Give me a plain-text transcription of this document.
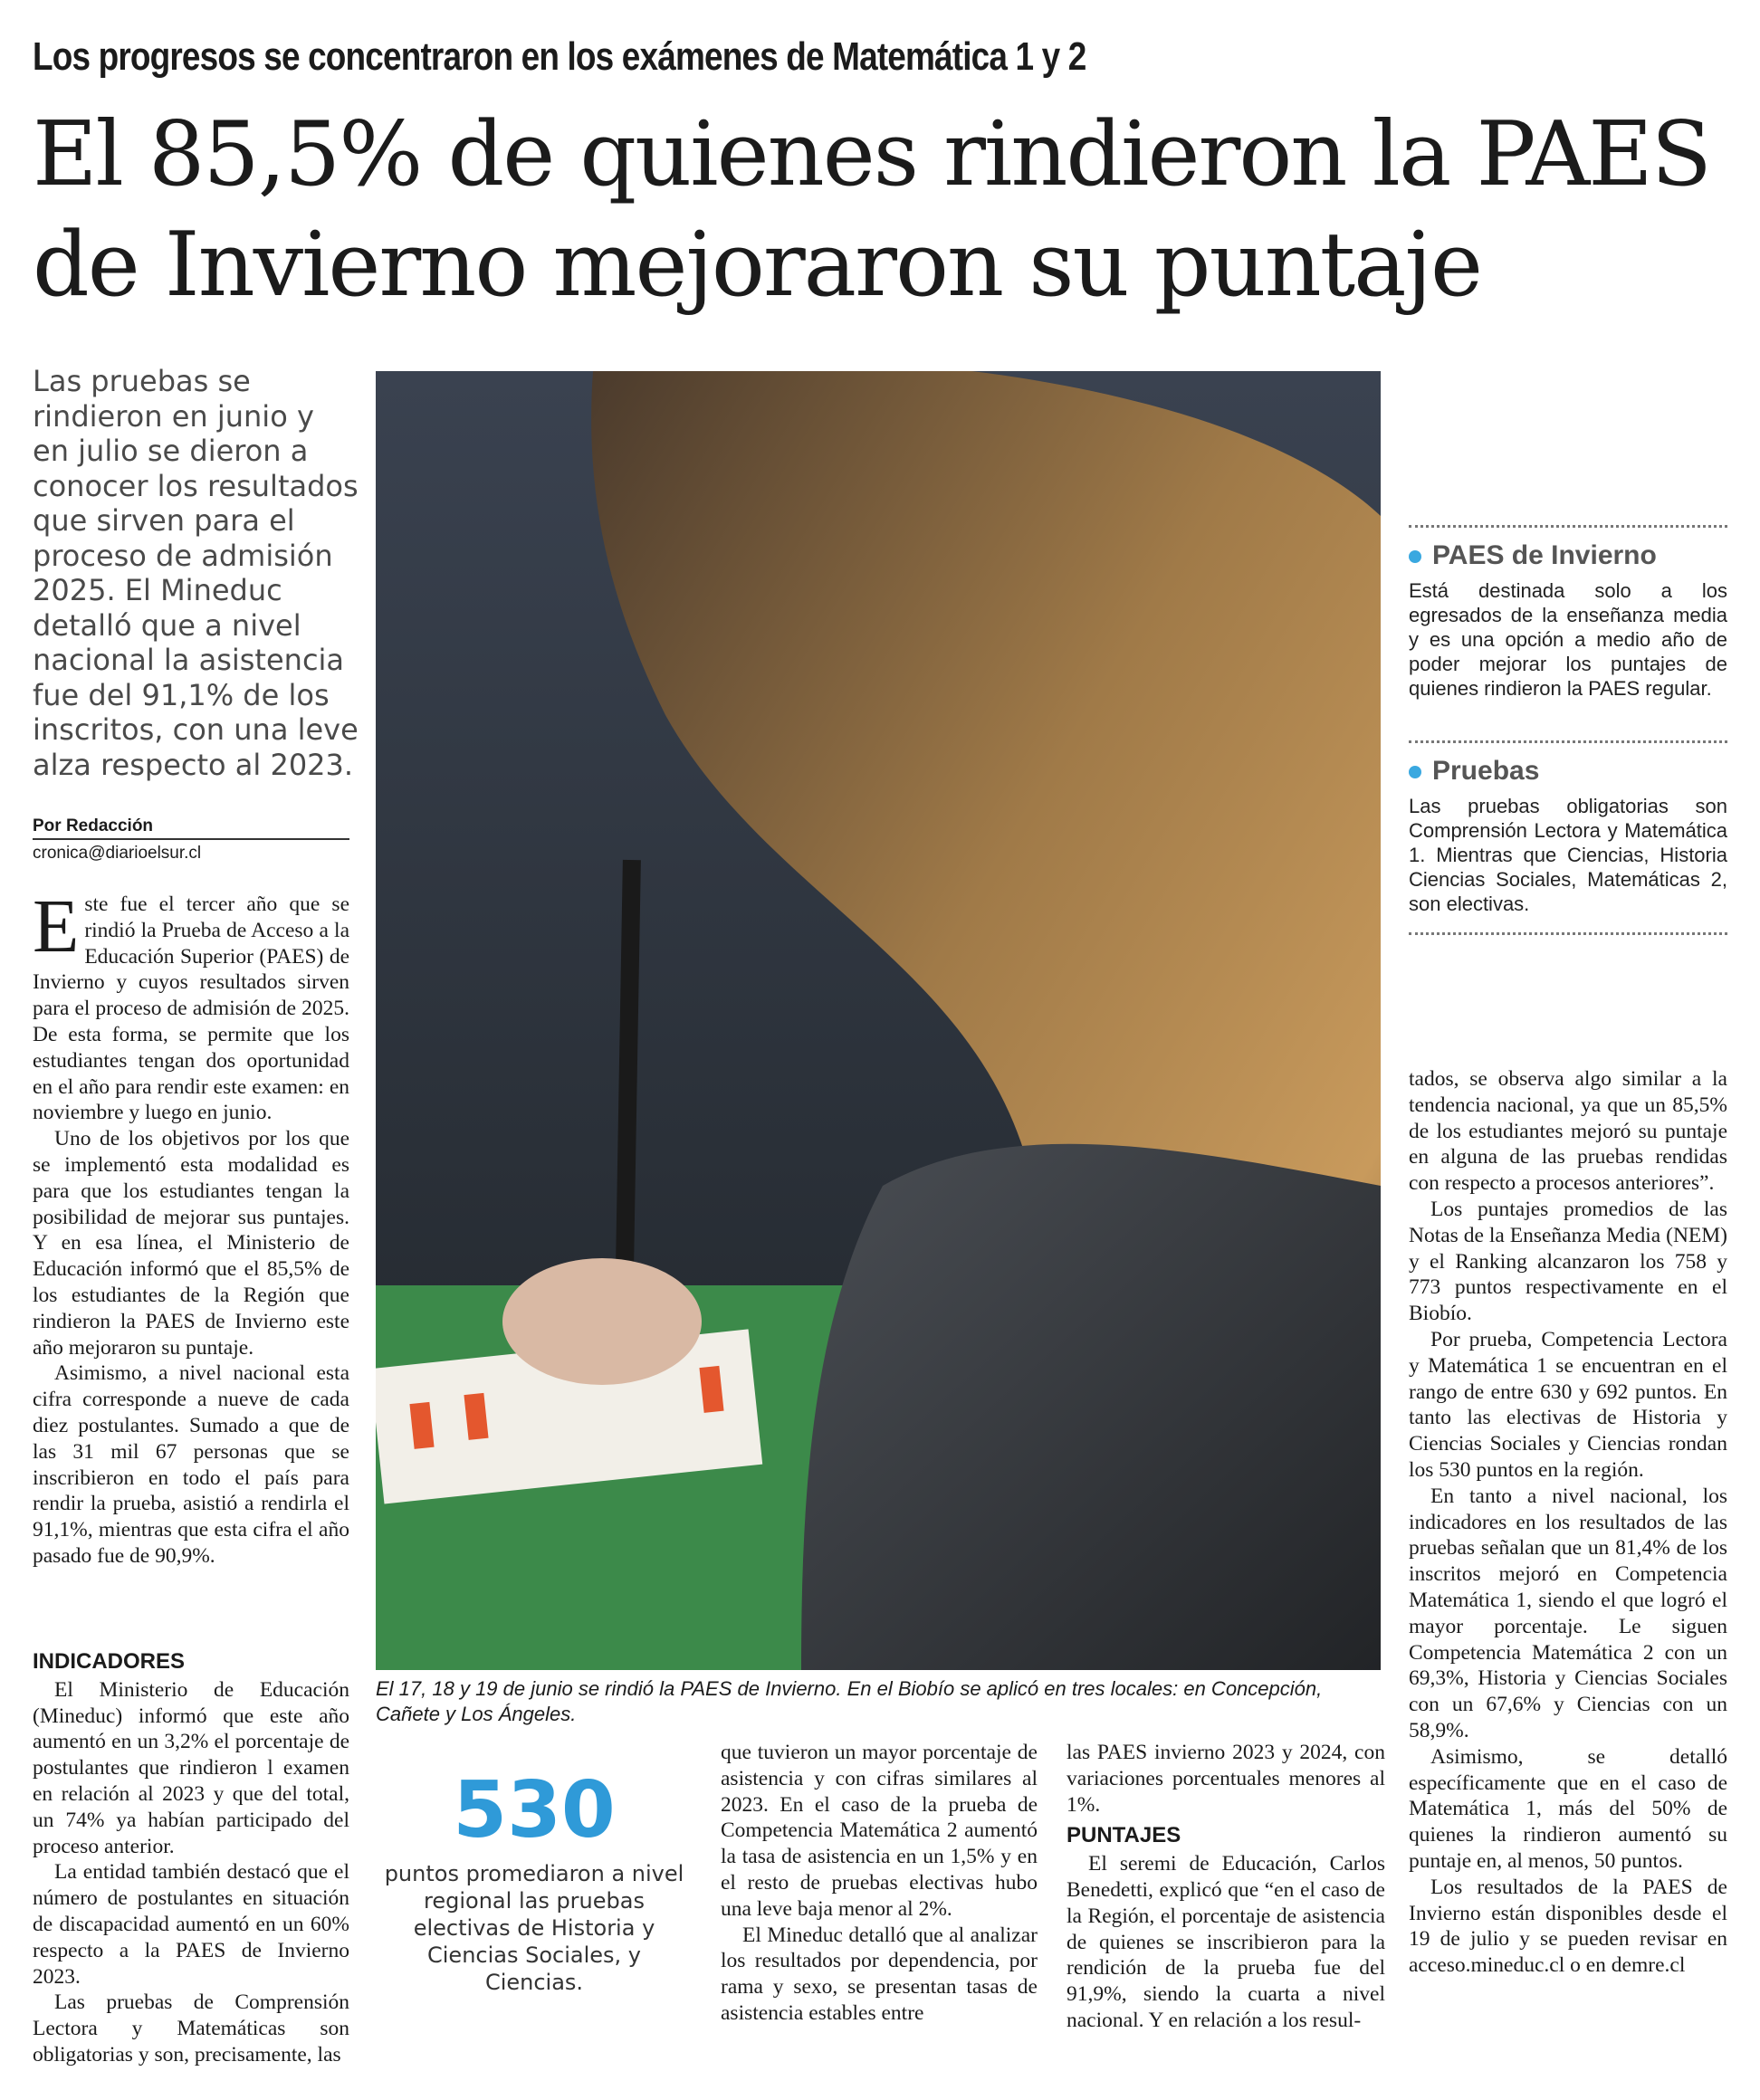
Los progresos se concentraron en los exámenes de Matemática 1 y 2
El 85,5% de quienes rindieron la PAES
de Invierno mejoraron su puntaje
Las pruebas se rindieron en junio y en julio se dieron a conocer los resultados que sirven para el proceso de admisión 2025. El Mineduc detalló que a nivel nacional la asistencia fue del 91,1% de los inscritos, con una leve alza respecto al 2023.
Por Redacción
cronica@diarioelsur.cl

Este fue el tercer año que se rindió la Prueba de Acceso a la Educación Superior (PAES) de Invierno y cuyos resultados sirven para el proceso de admisión de 2025. De esta forma, se permite que los estudiantes tengan dos oportunidad en el año para rendir este examen: en noviembre y luego en junio.

Uno de los objetivos por los que se implementó esta modalidad es para que los estudiantes tengan la posibilidad de mejorar sus puntajes. Y en esa línea, el Ministerio de Educación informó que el 85,5% de los estudiantes de la Región que rindieron la PAES de Invierno este año mejoraron su puntaje.

Asimismo, a nivel nacional esta cifra corresponde a nueve de cada diez postulantes. Sumado a que de las 31 mil 67 personas que se inscribieron en todo el país para rendir la prueba, asistió a rendirla el 91,1%, mientras que esta cifra el año pasado fue de 90,9%.

INDICADORES

El Ministerio de Educación (Mineduc) informó que este año aumentó en un 3,2% el porcentaje de postulantes que rindieron l examen en relación al 2023 y que del total, un 74% ya habían participado del proceso anterior.

La entidad también destacó que el número de postulantes en situación de discapacidad aumentó en un 60% respecto a la PAES de Invierno 2023.

Las pruebas de Comprensión Lectora y Matemáticas son obligatorias y son, precisamente, las

El 17, 18 y 19 de junio se rindió la PAES de Invierno. En el Biobío se aplicó en tres locales: en Concepción, Cañete y Los Ángeles.
530
puntos promediaron a nivel regional las pruebas electivas de Historia y Ciencias Sociales, y Ciencias.

que tuvieron un mayor porcentaje de asistencia y con cifras similares al 2023. En el caso de la prueba de Competencia Matemática 2 aumentó la tasa de asistencia en un 1,5% y en el resto de pruebas electivas hubo una leve baja menor al 2%.

El Mineduc detalló que al analizar los resultados por dependencia, por rama y sexo, se presentan tasas de asistencia estables entre

las PAES invierno 2023 y 2024, con variaciones porcentuales menores al 1%.

PUNTAJES

El seremi de Educación, Carlos Benedetti, explicó que “en el caso de la Región, el porcentaje de asistencia de quienes se inscribieron para la rendición de la prueba fue del 91,9%, siendo la cuarta a nivel nacional. Y en relación a los resul-

PAES de Invierno
Está destinada solo a los egresados de la enseñanza media y es una opción a medio año de poder mejorar los puntajes de quienes rindieron la PAES regular.
Pruebas
Las pruebas obligatorias son Comprensión Lectora y Matemática 1. Mientras que Ciencias, Historia Ciencias Sociales, Matemáticas 2, son electivas.

tados, se observa algo similar a la tendencia nacional, ya que un 85,5% de los estudiantes mejoró su puntaje en alguna de las pruebas rendidas con respecto a procesos anteriores”.

Los puntajes promedios de las Notas de la Enseñanza Media (NEM) y el Ranking alcanzaron los 758 y 773 puntos respectivamente en el Biobío.

Por prueba, Competencia Lectora y Matemática 1 se encuentran en el rango de entre 630 y 692 puntos. En tanto las electivas de Historia y Ciencias Sociales y Ciencias rondan los 530 puntos en la región.

En tanto a nivel nacional, los indicadores en los resultados de las pruebas señalan que un 81,4% de los inscritos mejoró en Competencia Matemática 1, siendo el que logró el mayor porcentaje. Le siguen Competencia Matemática 2 con un 69,3%, Historia y Ciencias Sociales con un 67,6% y Ciencias con un 58,9%.

Asimismo, se detalló específicamente que en el caso de Matemática 1, más del 50% de quienes la rindieron aumentó su puntaje en, al menos, 50 puntos.

Los resultados de la PAES de Invierno están disponibles desde el 19 de julio y se pueden revisar en acceso.mineduc.cl o en demre.cl
